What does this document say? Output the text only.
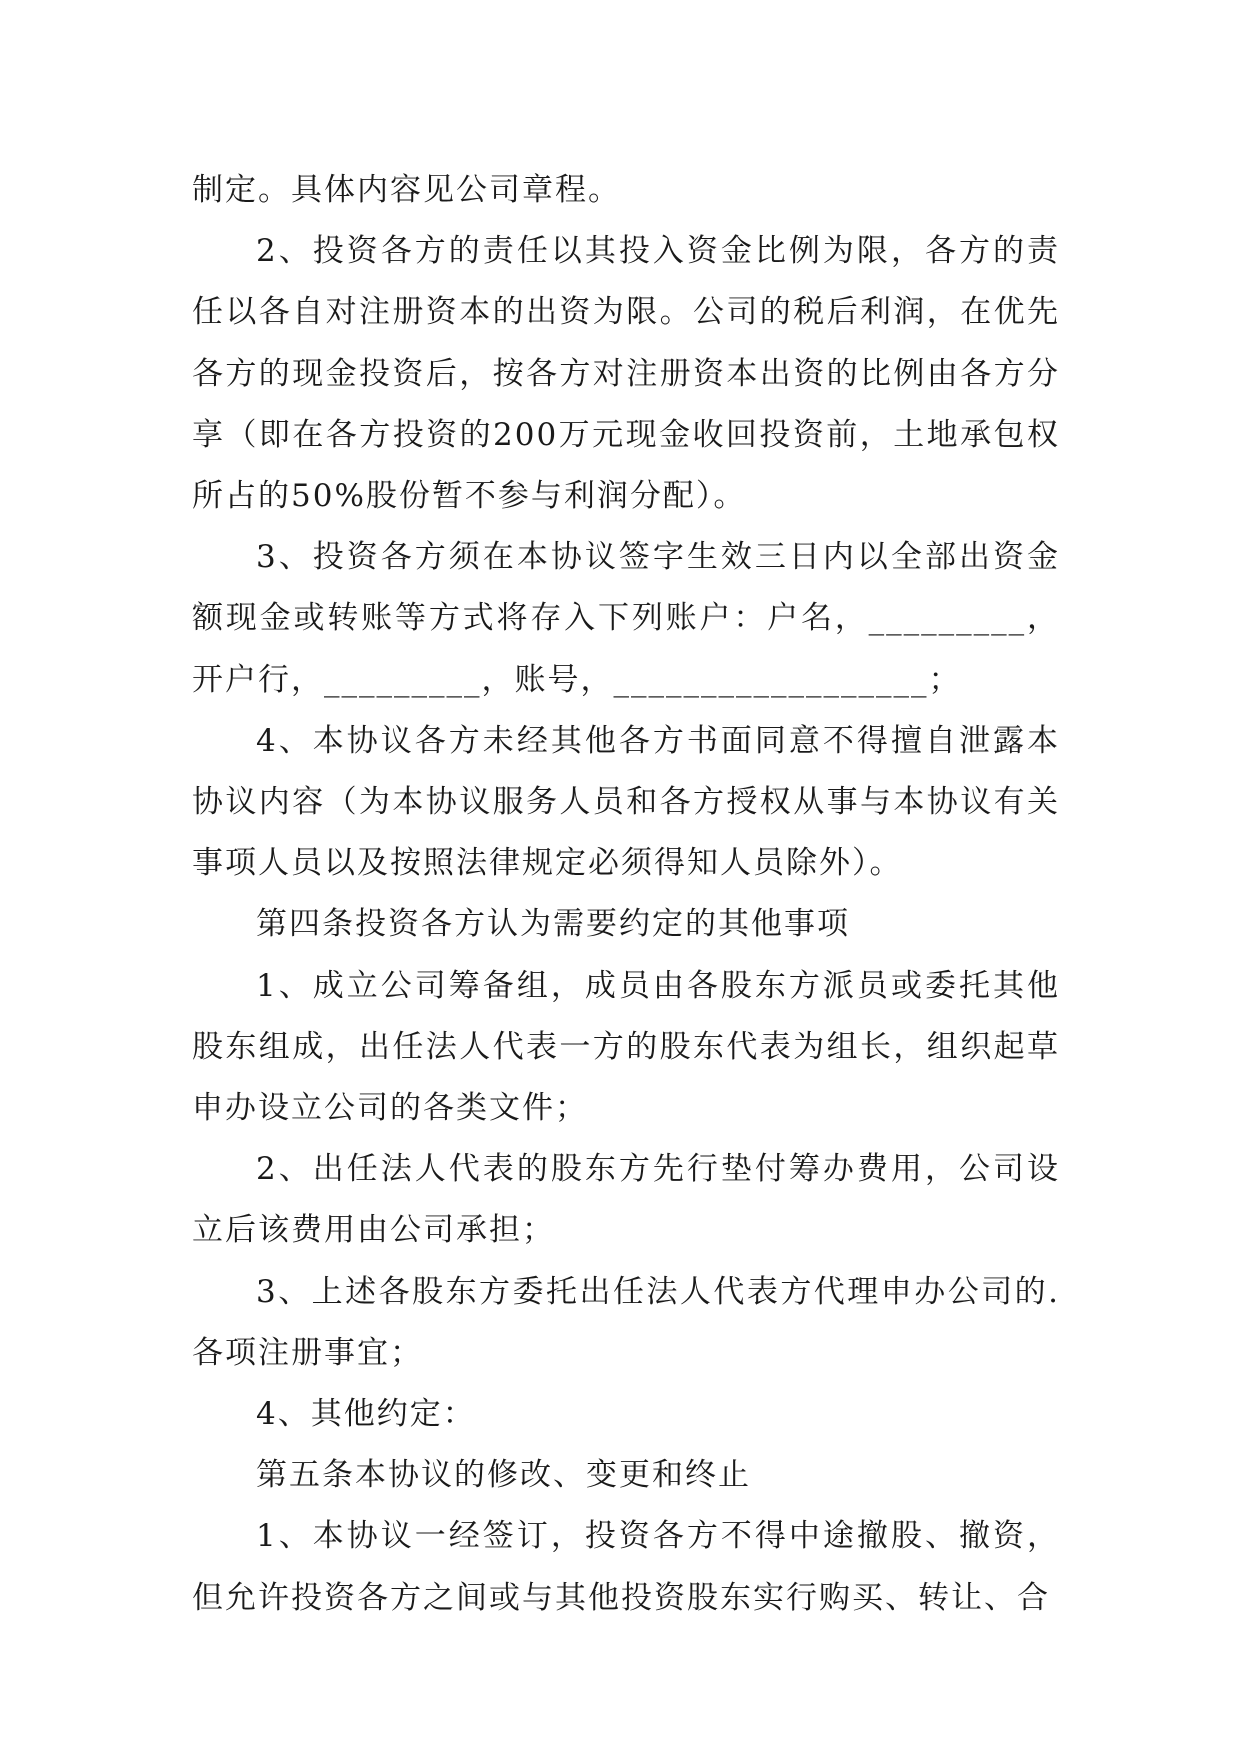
制定。具体内容见公司章程。

2、投资各方的责任以其投入资金比例为限，各方的责任以各自对注册资本的出资为限。公司的税后利润，在优先各方的现金投资后，按各方对注册资本出资的比例由各方分享（即在各方投资的200万元现金收回投资前，土地承包权所占的50%股份暂不参与利润分配）。

3、投资各方须在本协议签字生效三日内以全部出资金额现金或转账等方式将存入下列账户：户名，_________，开户行，_________，账号，__________________；

4、本协议各方未经其他各方书面同意不得擅自泄露本协议内容（为本协议服务人员和各方授权从事与本协议有关事项人员以及按照法律规定必须得知人员除外）。

第四条投资各方认为需要约定的其他事项

1、成立公司筹备组，成员由各股东方派员或委托其他股东组成，出任法人代表一方的股东代表为组长，组织起草申办设立公司的各类文件；

2、出任法人代表的股东方先行垫付筹办费用，公司设立后该费用由公司承担；

3、上述各股东方委托出任法人代表方代理申办公司的.各项注册事宜；

4、其他约定：

第五条本协议的修改、变更和终止

1、本协议一经签订，投资各方不得中途撤股、撤资，但允许投资各方之间或与其他投资股东实行购买、转让、合
